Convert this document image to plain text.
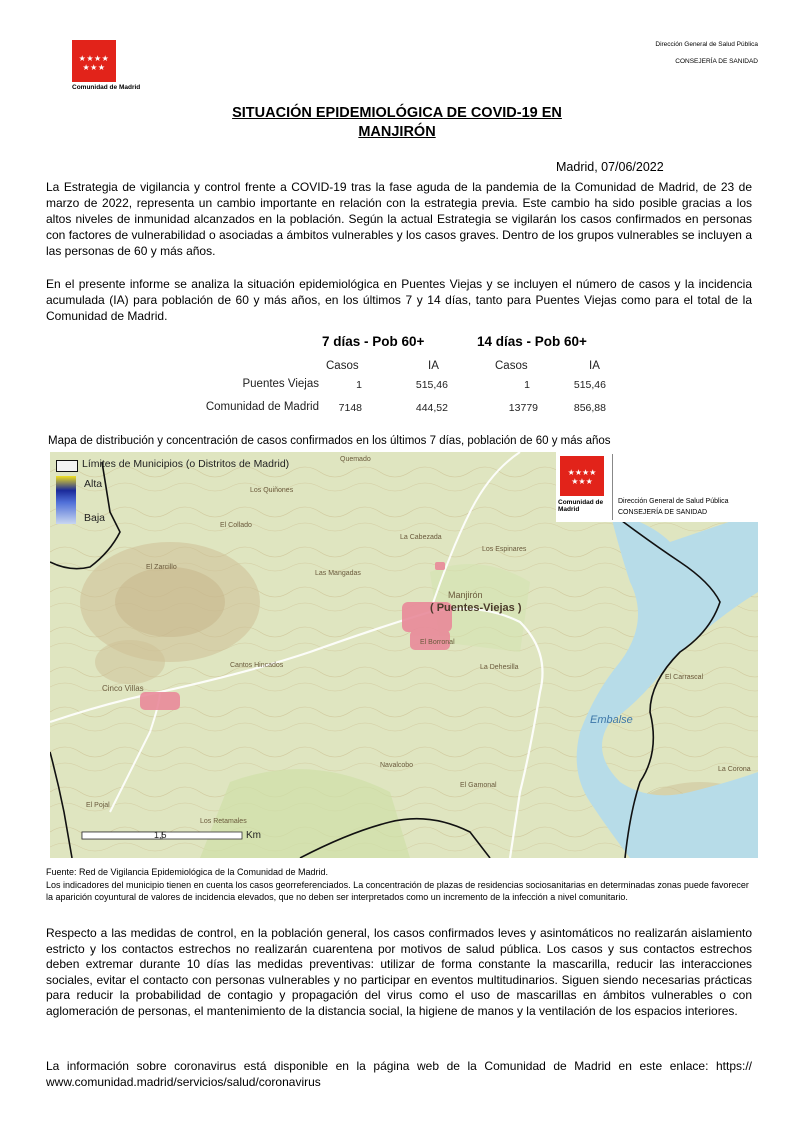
★★★★
★★★
Comunidad de Madrid
Dirección General de Salud Pública
CONSEJERÍA DE SANIDAD
SITUACIÓN EPIDEMIOLÓGICA DE COVID-19 EN
MANJIRÓN
Madrid, 07/06/2022
La Estrategia de vigilancia y control frente a COVID-19 tras la fase aguda de la pandemia de la Comunidad de Madrid, de 23 de marzo de 2022, representa un cambio importante en relación con la estrategia previa. Este cambio ha sido posible gracias a los altos niveles de inmunidad alcanzados en la población. Según la actual Estrategia se vigilarán los casos confirmados en personas con factores de vulnerabilidad o asociadas a ámbitos vulnerables y los casos graves. Dentro de los grupos vulnerables se incluyen a las personas de 60 y más años.
En el presente informe se analiza la situación epidemiológica en Puentes Viejas y se incluyen el número de casos y la incidencia acumulada (IA) para población de 60 y más años, en los últimos 7 y 14 días, tanto para Puentes Viejas como para el total de la Comunidad de Madrid.
7 días - Pob 60+	14 días - Pob 60+
Casos	IA	Casos	IA
Puentes Viejas	1	515,46	1	515,46
Comunidad de Madrid 7148	444,52	13779	856,88
Mapa de distribución y concentración de casos confirmados en los últimos 7 días, población de 60 y más años
Quemado
Los Quiñones
El Collado
El Zarcillo
La Cabezada
Los Espinares
Manjirón
( Puentes-Viejas )
Las Mangadas
Cantos Hincados
El Borronal
La Dehesilla
El Carrascal
Cinco Villas
Embalse
Navalcobo
El Gamonal
El Pojal
Los Retamales
La Corona
1,5	Km
Límites de Municipios (o Distritos de Madrid)
Alta
Baja
★★★★
★★★
Comunidad de Madrid
Dirección General de Salud Pública
CONSEJERÍA DE SANIDAD
Fuente: Red de Vigilancia Epidemiológica de la Comunidad de Madrid.
Los indicadores del municipio tienen en cuenta los casos georreferenciados. La concentración de plazas de residencias sociosanitarias en determinadas zonas puede favorecer la aparición coyuntural de valores de incidencia elevados, que no deben ser interpretados como un incremento de la infección a nivel comunitario.
Respecto a las medidas de control, en la población general, los casos confirmados leves y asintomáticos no realizarán aislamiento estricto y los contactos estrechos no realizarán cuarentena por motivos de salud pública. Los casos y sus contactos estrechos deben extremar durante 10 días las medidas preventivas: utilizar de forma constante la mascarilla, reducir las interacciones sociales, evitar el contacto con personas vulnerables y no participar en eventos multitudinarios. Siguen siendo necesarias prácticas para reducir la probabilidad de contagio y propagación del virus como el uso de mascarillas en ámbitos vulnerables o con aglomeración de personas, el mantenimiento de la distancia social, la higiene de manos y la ventilación de los espacios interiores.
La información sobre coronavirus está disponible en la página web de la Comunidad de Madrid en este enlace: https:// www.comunidad.madrid/servicios/salud/coronavirus
